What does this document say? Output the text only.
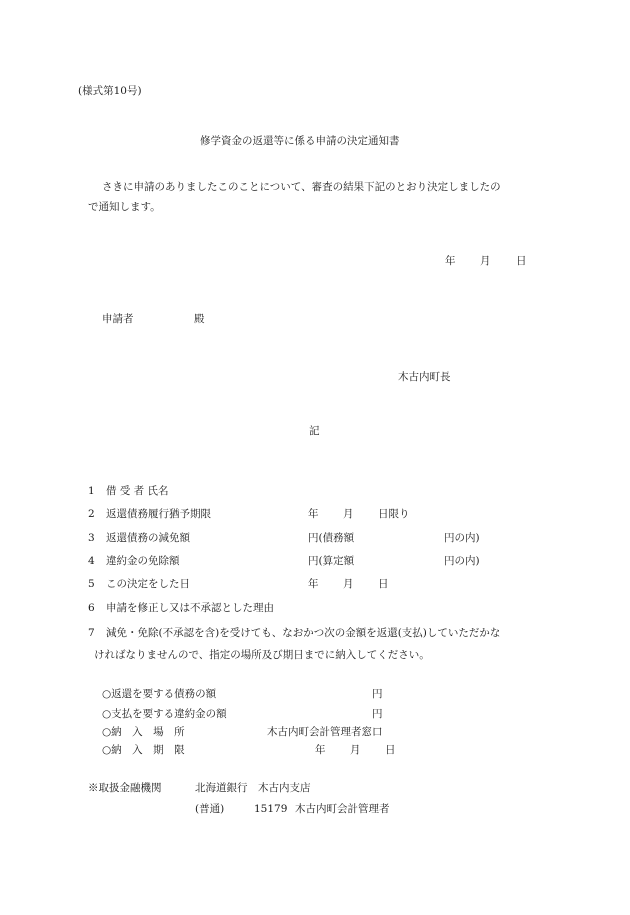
(様式第10号)
修学資金の返還等に係る申請の決定通知書
さきに申請のありましたこのことについて、審査の結果下記のとおり決定しましたの
で通知します。
年 月 日
申請者	殿
木古内町長
記
1 借 受 者 氏名
2 返還債務履行猶予期限	年 月 日限り
3 返還債務の減免額	円(債務額	円の内)
4 違約金の免除額	円(算定額	円の内)
5 この決定をした日	年 月 日
6 申請を修正し又は不承認とした理由
7 減免・免除(不承認を含)を受けても、なおかつ次の金額を返還(支払)していただかな
ければなりませんので、指定の場所及び期日までに納入してください。
○返還を要する債務の額	円
○支払を要する違約金の額	円
○納　入　場　所	木古内町会計管理者窓口
○納　入　期　限	年 月 日
※取扱金融機関	北海道銀行　木古内支店
(普通)	15179 木古内町会計管理者
